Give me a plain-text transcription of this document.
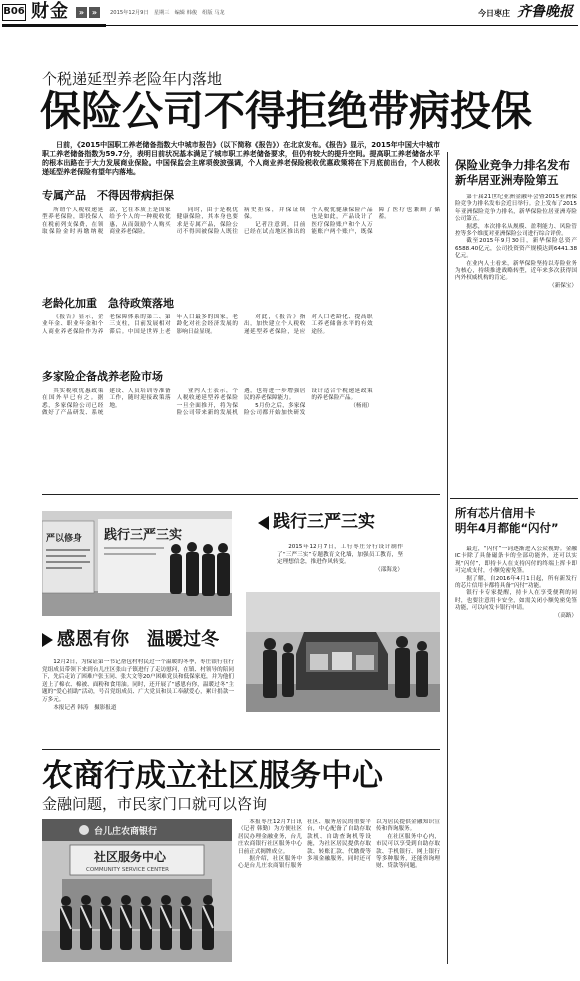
B06 财金	» »	2015年12月9日　星期三　编辑 韩俊　组版 马龙	今日枣庄 齐鲁晚报
个税递延型养老险年内落地
保险公司不得拒绝带病投保

日前，《2015中国职工养老储备指数大中城市报告》（以下简称《报告》）在北京发布。《报告》显示，2015年中国大中城市职工养老储备指数为59.7分，表明目前状况基本满足了城市职工养老储备要求，但仍有较大的提升空间。提高职工养老储备水平的根本出路在于大力发展商业保险。中国保监会主席项俊波强调，个人商业养老保险税收优惠政策将在下月底前出台，个人税收递延型养老保险有望年内落地。

专属产品　不得因带病拒保

所谓个人税收递延型养老保险，即投保人在税前列支保费，在领取保险金时再缴纳税款，它在本质上是国家给予个人的一种税收优惠，从而鼓励个人购买商业养老保险。

同时，由于是税优健康保险，其本身也要求是专属产品，保险公司不得因被保险人既往病史拒保，并保证续保。

记者注意到，目前已经在试点地区推出的个人税优健康保险产品也是如此，产品设计了医疗保险账户和个人万能账户两个账户，既保障了医疗也兼顾了储蓄。

老龄化加重　急待政策落地

《报告》显示，企业年金、职业年金和个人商业养老保险作为养老保障体系的第二、第三支柱，目前发展相对滞后。中国是世界上老年人口最多的国家，老龄化对社会经济发展的影响日益显现。

对此，《报告》指出，加快建立个人税收递延型养老保险，是应对人口老龄化、提高职工养老储备水平的有效途径。

多家险企备战养老险市场

其实税收优惠政策在国外早已有之。据悉，多家保险公司已经做好了产品研发、系统建设、人员培训等准备工作，随时迎接政策落地。

业内人士表示，个人税收递延型养老保险一旦全面推开，将为保险公司带来新的发展机遇，也将进一步增强居民的养老保障能力。

5月份之后，多家保险公司都开始加快研发设计适合个税递延政策的养老保险产品。

（杨雨）

严以修身 践行三严三实
践行三严三实

2015年12月7日，工行枣庄分行设计制作了“三严三实”专题教育文化墙，加强员工教育，坚定理想信念，推进作风转变。

（邵海龙）

感恩有你　温暖过冬

12月2日，为保证第一书记帮包村村民过一个温暖的冬季，枣庄银行在行党组成员带领下来到台儿庄区张山子镇进行了走访慰问，在镇、村领导的陪同下，先后走访了困难户张玉同、张大文等20户困难党员和低保家庭，并为他们送上了棉衣、棉被、面粉和食用油。同时，还开展了“感恩有你，温暖过冬”主题的“爱心捐助”活动，号召党组成员、广大党员和员工奉献爱心，累计捐款一万多元。

本报记者 韩涛　摄影报道

农商行成立社区服务中心
金融问题，市民家门口就可以咨询
台儿庄农商银行
社区服务中心
COMMUNITY SERVICE CENTER

本报枣庄12月7日讯（记者 韩勤）为方便社区居民办理金融业务，台儿庄农商银行社区服务中心日前正式揭牌成立。

据介绍，社区服务中心是台儿庄农商银行服务社区、服务居民的重要平台，中心配备了自助存取款机、自助查询机等设施，为社区居民提供存取款、转账汇款、代缴费等多项金融服务，同时还可以为居民提供金融知识宣传和咨询服务。

在社区服务中心内，市民可以享受到自助存取款、手机银行、网上银行等多种服务，还能咨询理财、贷款等问题。

保险业竞争力排名发布
新华居亚洲寿险第五

第十届21世纪亚洲金融年会暨2015亚洲保险竞争力排名发布会近日举行。会上发布了2015年亚洲保险竞争力排名，新华保险位居亚洲寿险公司第五。

据悉，本次排名从规模、盈利能力、风险管控等多个维度对亚洲保险公司进行综合评价。

截至2015年9月30日，新华保险总资产6588.40亿元，公司投资资产规模达到6441.38亿元。

在业内人士看来，新华保险坚持以寿险业务为核心，持续推进战略转型，近年来多次获得国内外权威机构的肯定。

（新保宝）

所有芯片信用卡
明年4月都能“闪付”

最近，“闪付”一词逐渐进入公众视野。金融IC卡除了具备磁条卡的全部功能外，还可以实现“闪付”，即持卡人在支持闪付的终端上挥卡即可完成支付，小额免密免签。

据了解，自2016年4月1日起，所有新发行的芯片信用卡都将具备“闪付”功能。

银行卡专家提醒，持卡人在享受便利的同时，也要注意用卡安全，如需关闭小额免密免签功能，可以向发卡银行申请。

（高路）
